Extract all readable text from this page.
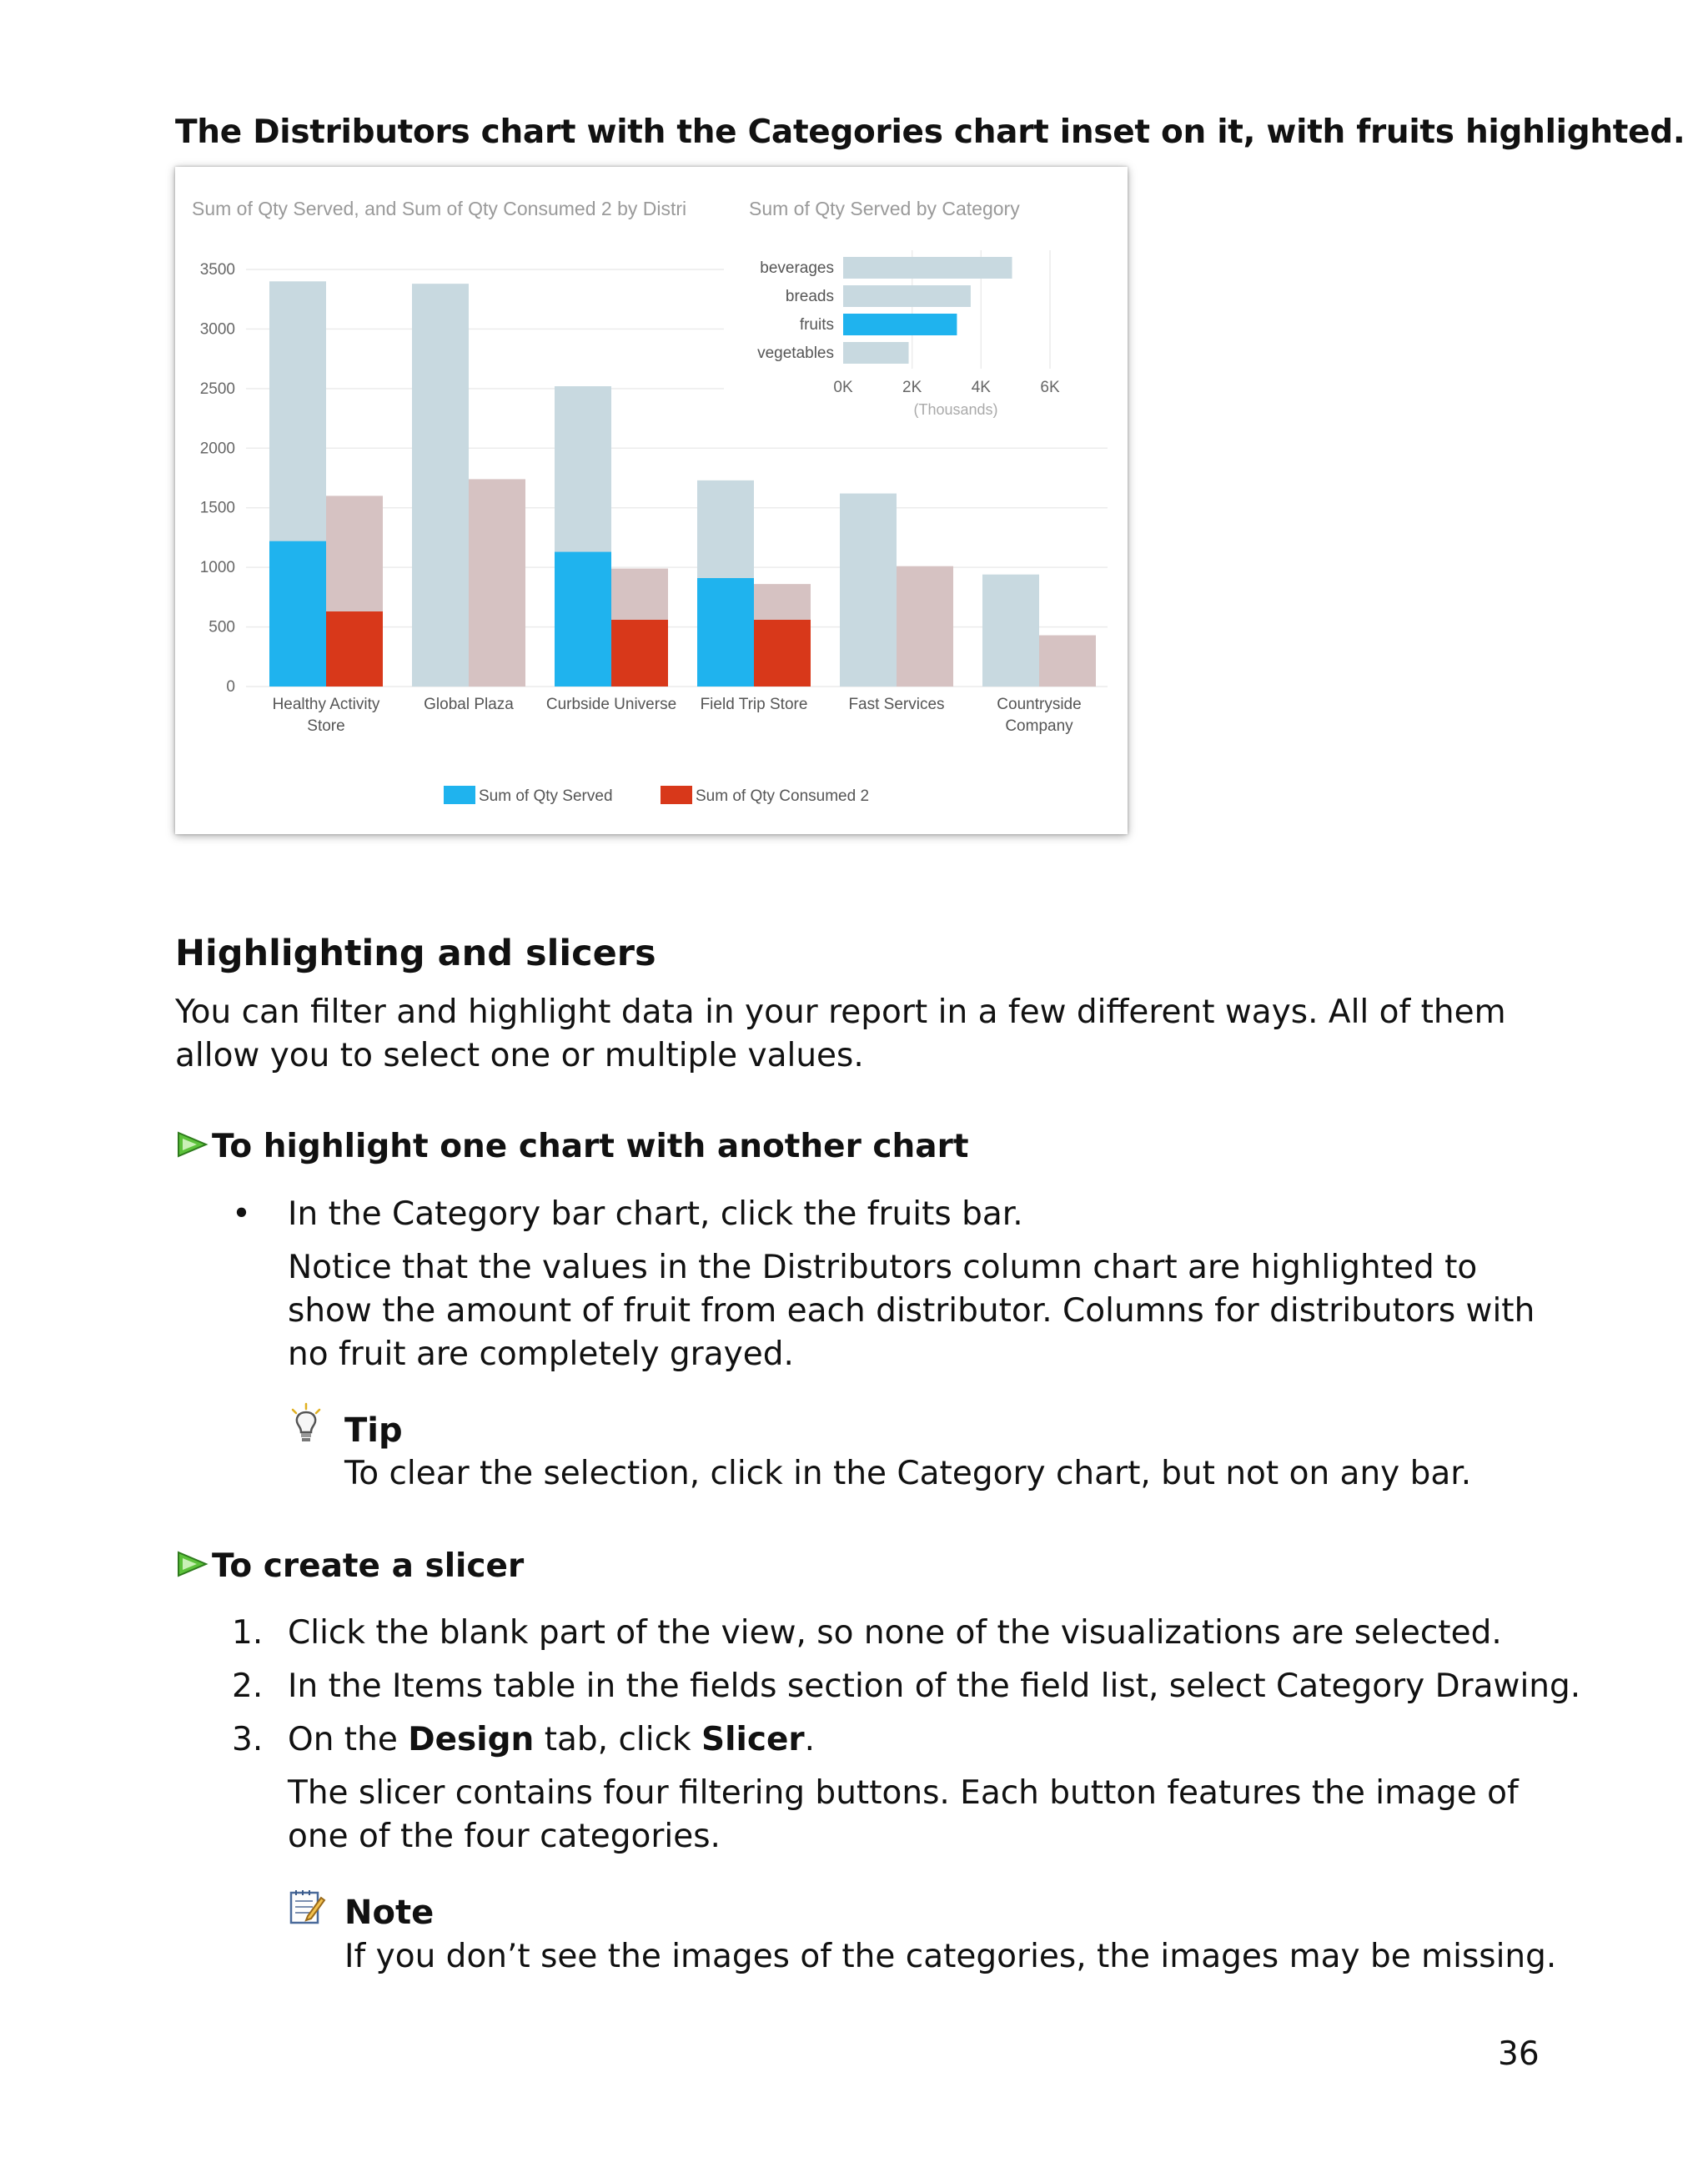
The Distributors chart with the Categories chart inset on it, with fruits highlighted.
Sum of Qty Served, and Sum of Qty Consumed 2 by Distri
0
500
1000
1500
2000
2500
3000
3500
Healthy Activity
Store
Global Plaza Curbside Universe Field Trip Store	Fast Services	Countryside
Company
Sum of Qty Served	Sum of Qty Consumed 2
Sum of Qty Served by Category
0K	2K	4K	6K
(Thousands)
beverages
breads
fruits
vegetables
Highlighting and slicers
You can filter and highlight data in your report in a few different ways. All of them allow you to select one or multiple values.
To highlight one chart with another chart
• In the Category bar chart, click the fruits bar.
Notice that the values in the Distributors column chart are highlighted to show the amount of fruit from each distributor. Columns for distributors with no fruit are completely grayed.
Tip
To clear the selection, click in the Category chart, but not on any bar.
To create a slicer
1. Click the blank part of the view, so none of the visualizations are selected.
2. In the Items table in the fields section of the field list, select Category Drawing.
3. On the Design tab, click Slicer.
The slicer contains four filtering buttons. Each button features the image of one of the four categories.
Note
If you don’t see the images of the categories, the images may be missing.
36
